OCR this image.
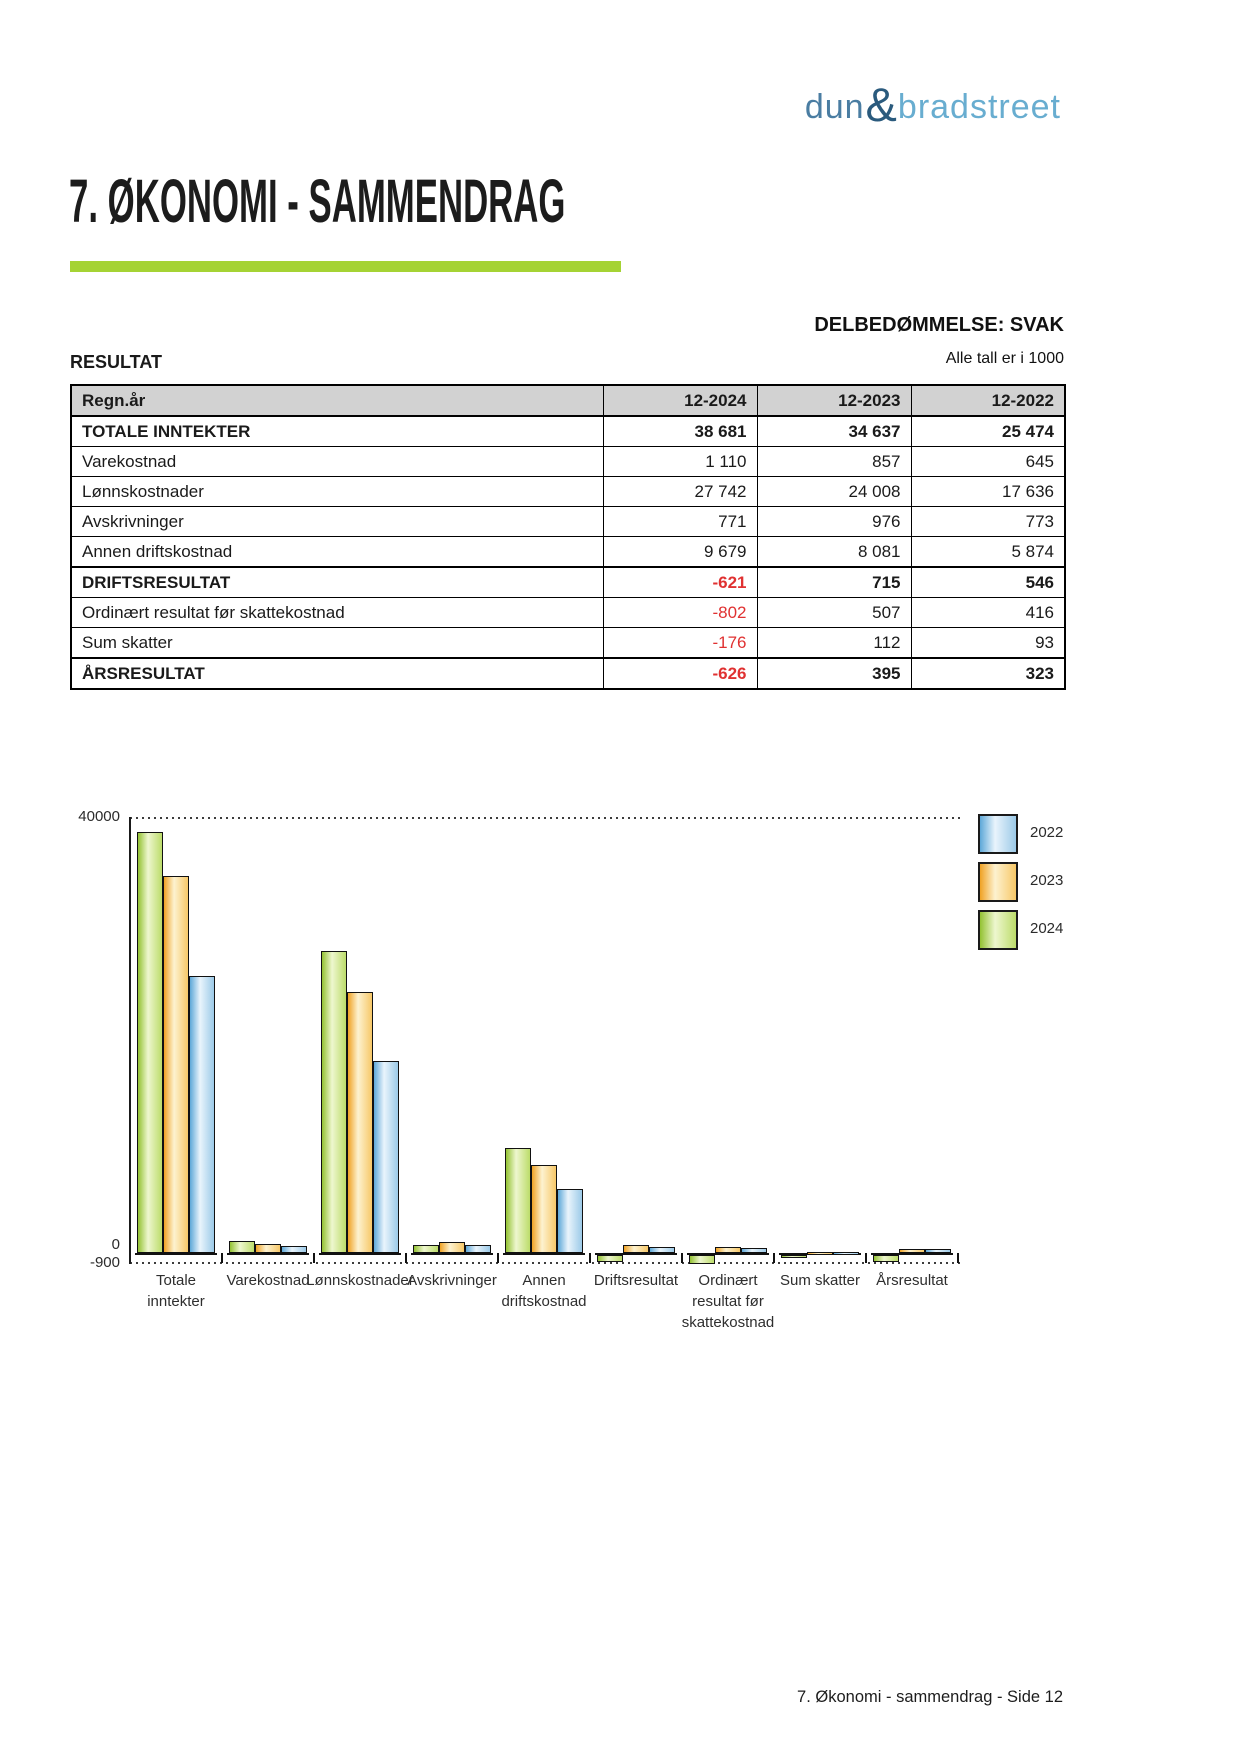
dun&bradstreet
7. ØKONOMI - SAMMENDRAG
DELBEDØMMELSE: SVAK
RESULTAT	Alle tall er i 1000
Regn.år	12-2024	12-2023	12-2022
TOTALE INNTEKTER	38 681	34 637	25 474
Varekostnad	1 110	857	645
Lønnskostnader	27 742	24 008	17 636
Avskrivninger	771	976	773
Annen driftskostnad	9 679	8 081	5 874
DRIFTSRESULTAT	-621	715	546
Ordinært resultat før skattekostnad	-802	507	416
Sum skatter	-176	112	93
ÅRSRESULTAT	-626	395	323
40000
0
-900
Totale
inntekter
Varekostnad
Lønnskostnader
Avskrivninger	Annen
driftskostnad
Driftsresultat	Ordinært
resultat før
skattekostnad
Sum skatter	Årsresultat
2022
2023
2024
7. Økonomi - sammendrag - Side 12
